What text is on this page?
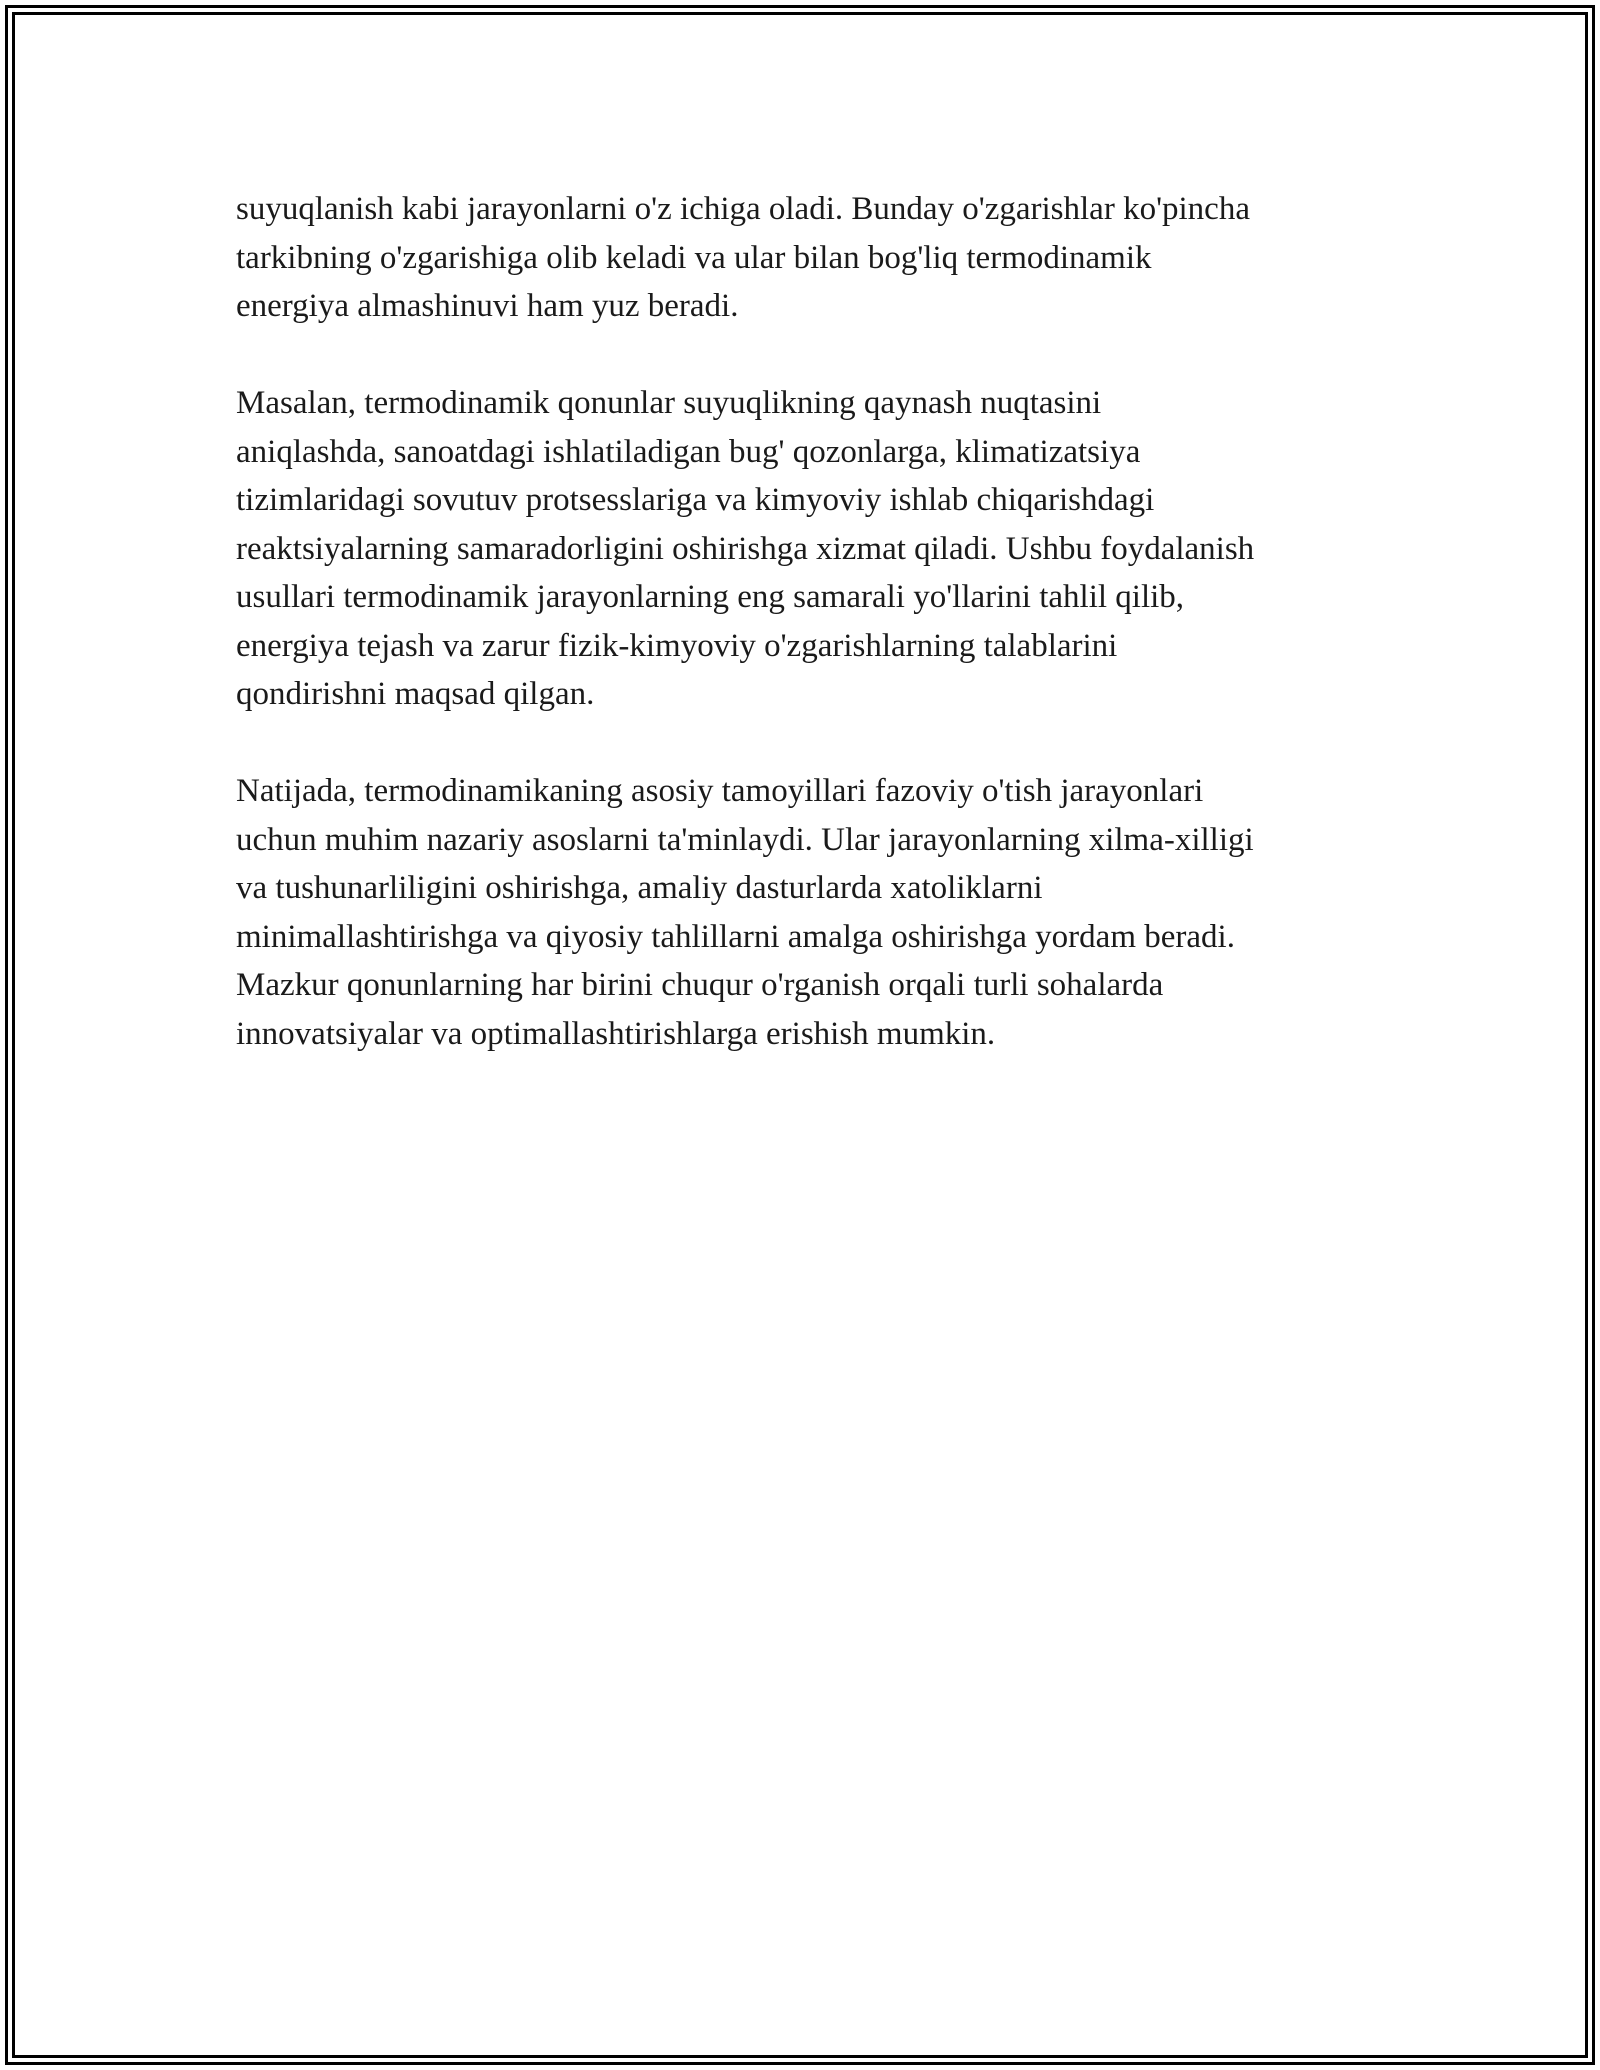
suyuqlanish kabi jarayonlarni o'z ichiga oladi. Bunday o'zgarishlar ko'pincha
tarkibning o'zgarishiga olib keladi va ular bilan bog'liq termodinamik
energiya almashinuvi ham yuz beradi.

Masalan, termodinamik qonunlar suyuqlikning qaynash nuqtasini
aniqlashda, sanoatdagi ishlatiladigan bug' qozonlarga, klimatizatsiya
tizimlaridagi sovutuv protsesslariga va kimyoviy ishlab chiqarishdagi
reaktsiyalarning samaradorligini oshirishga xizmat qiladi. Ushbu foydalanish
usullari termodinamik jarayonlarning eng samarali yo'llarini tahlil qilib,
energiya tejash va zarur fizik-kimyoviy o'zgarishlarning talablarini
qondirishni maqsad qilgan.

Natijada, termodinamikaning asosiy tamoyillari fazoviy o'tish jarayonlari
uchun muhim nazariy asoslarni ta'minlaydi. Ular jarayonlarning xilma-xilligi
va tushunarliligini oshirishga, amaliy dasturlarda xatoliklarni
minimallashtirishga va qiyosiy tahlillarni amalga oshirishga yordam beradi.
Mazkur qonunlarning har birini chuqur o'rganish orqali turli sohalarda
innovatsiyalar va optimallashtirishlarga erishish mumkin.
